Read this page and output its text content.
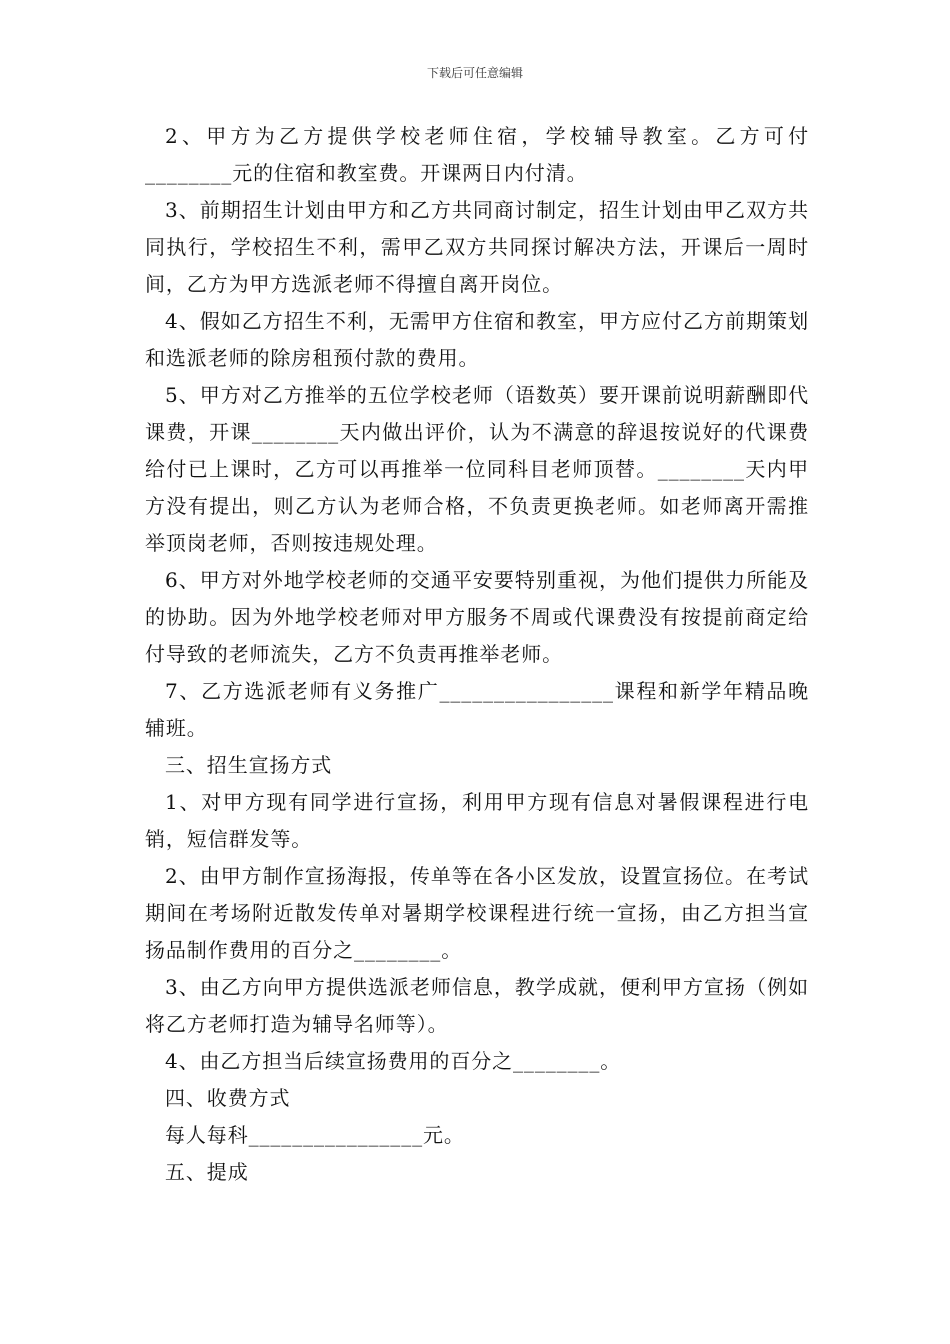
下载后可任意编辑

2、甲方为乙方提供学校老师住宿，学校辅导教室。乙方可付________元的住宿和教室费。开课两日内付清。

3、前期招生计划由甲方和乙方共同商讨制定，招生计划由甲乙双方共同执行，学校招生不利，需甲乙双方共同探讨解决方法，开课后一周时间，乙方为甲方选派老师不得擅自离开岗位。

4、假如乙方招生不利，无需甲方住宿和教室，甲方应付乙方前期策划和选派老师的除房租预付款的费用。

5、甲方对乙方推举的五位学校老师（语数英）要开课前说明薪酬即代课费，开课________天内做出评价，认为不满意的辞退按说好的代课费给付已上课时，乙方可以再推举一位同科目老师顶替。________天内甲方没有提出，则乙方认为老师合格，不负责更换老师。如老师离开需推举顶岗老师，否则按违规处理。

6、甲方对外地学校老师的交通平安要特别重视，为他们提供力所能及的协助。因为外地学校老师对甲方服务不周或代课费没有按提前商定给付导致的老师流失，乙方不负责再推举老师。

7、乙方选派老师有义务推广________________课程和新学年精品晚辅班。

三、招生宣扬方式

1、对甲方现有同学进行宣扬，利用甲方现有信息对暑假课程进行电销，短信群发等。

2、由甲方制作宣扬海报，传单等在各小区发放，设置宣扬位。在考试期间在考场附近散发传单对暑期学校课程进行统一宣扬，由乙方担当宣扬品制作费用的百分之________。

3、由乙方向甲方提供选派老师信息，教学成就，便利甲方宣扬（例如将乙方老师打造为辅导名师等）。

4、由乙方担当后续宣扬费用的百分之________。

四、收费方式

每人每科________________元。

五、提成
